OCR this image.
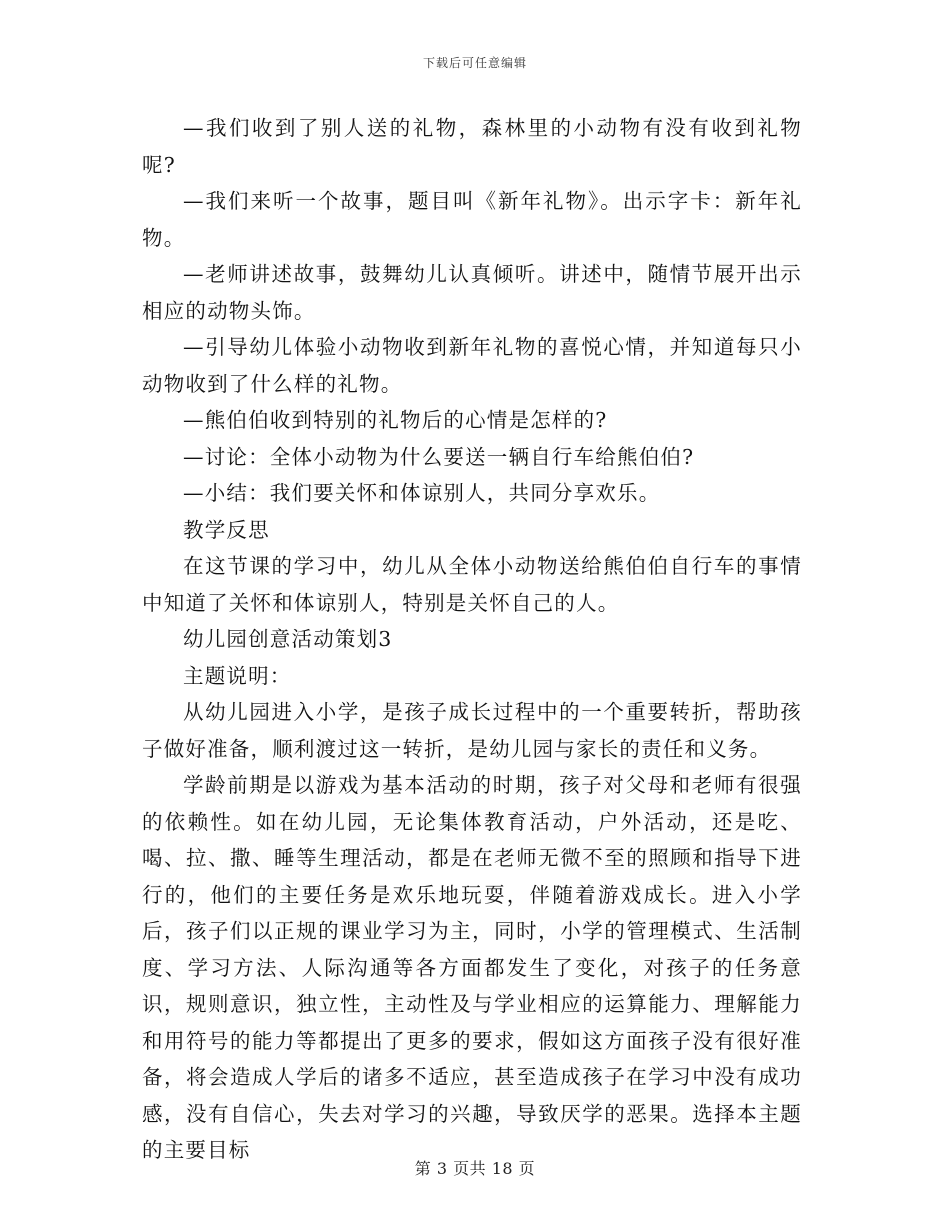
下载后可任意编辑

—我们收到了别人送的礼物，森林里的小动物有没有收到礼物呢?

—我们来听一个故事，题目叫《新年礼物》。出示字卡：新年礼物。

—老师讲述故事，鼓舞幼儿认真倾听。讲述中，随情节展开出示相应的动物头饰。

—引导幼儿体验小动物收到新年礼物的喜悦心情，并知道每只小动物收到了什么样的礼物。

—熊伯伯收到特别的礼物后的心情是怎样的?

—讨论：全体小动物为什么要送一辆自行车给熊伯伯?

—小结：我们要关怀和体谅别人，共同分享欢乐。

教学反思

在这节课的学习中，幼儿从全体小动物送给熊伯伯自行车的事情中知道了关怀和体谅别人，特别是关怀自己的人。

幼儿园创意活动策划3

主题说明：

从幼儿园进入小学，是孩子成长过程中的一个重要转折，帮助孩子做好准备，顺利渡过这一转折，是幼儿园与家长的责任和义务。

学龄前期是以游戏为基本活动的时期，孩子对父母和老师有很强的依赖性。如在幼儿园，无论集体教育活动，户外活动，还是吃、喝、拉、撒、睡等生理活动，都是在老师无微不至的照顾和指导下进行的，他们的主要任务是欢乐地玩耍，伴随着游戏成长。进入小学后，孩子们以正规的课业学习为主，同时，小学的管理模式、生活制度、学习方法、人际沟通等各方面都发生了变化，对孩子的任务意识，规则意识，独立性，主动性及与学业相应的运算能力、理解能力和用符号的能力等都提出了更多的要求，假如这方面孩子没有很好准备，将会造成人学后的诸多不适应，甚至造成孩子在学习中没有成功感，没有自信心，失去对学习的兴趣，导致厌学的恶果。选择本主题的主要目标

第 3 页共 18 页
